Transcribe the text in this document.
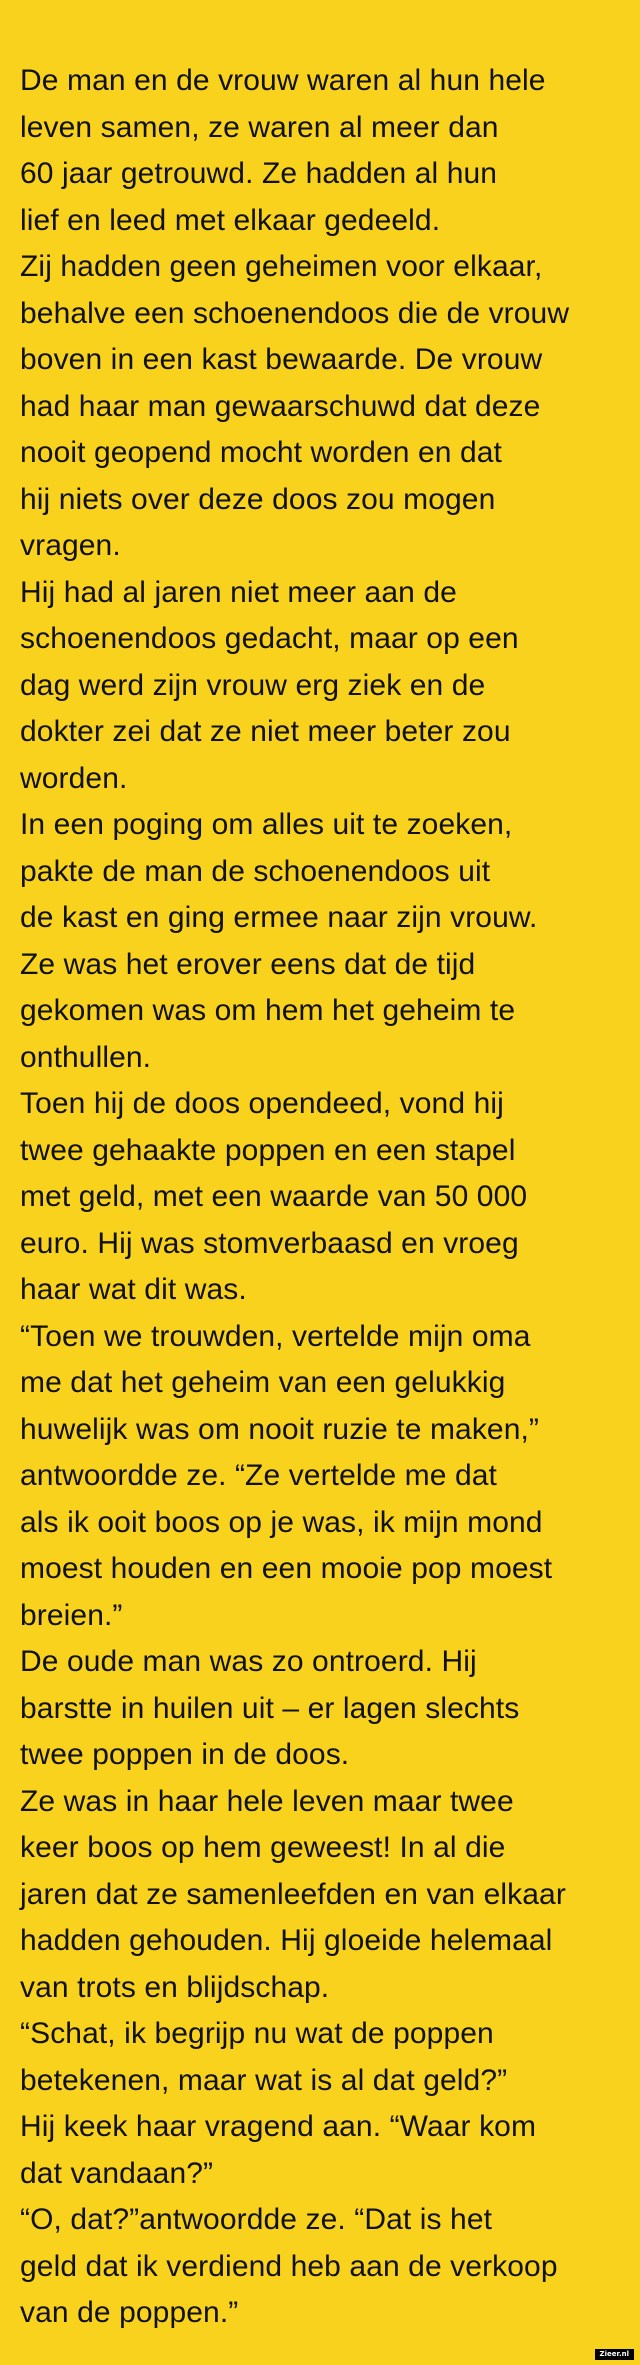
De man en de vrouw waren al hun hele
leven samen, ze waren al meer dan
60 jaar getrouwd. Ze hadden al hun
lief en leed met elkaar gedeeld.

Zij hadden geen geheimen voor elkaar,
behalve een schoenendoos die de vrouw
boven in een kast bewaarde. De vrouw
had haar man gewaarschuwd dat deze
nooit geopend mocht worden en dat
hij niets over deze doos zou mogen
vragen.

Hij had al jaren niet meer aan de
schoenendoos gedacht, maar op een
dag werd zijn vrouw erg ziek en de
dokter zei dat ze niet meer beter zou
worden.

In een poging om alles uit te zoeken,
pakte de man de schoenendoos uit
de kast en ging ermee naar zijn vrouw.
Ze was het erover eens dat de tijd
gekomen was om hem het geheim te
onthullen.

Toen hij de doos opendeed, vond hij
twee gehaakte poppen en een stapel
met geld, met een waarde van 50 000
euro. Hij was stomverbaasd en vroeg
haar wat dit was.

“Toen we trouwden, vertelde mijn oma
me dat het geheim van een gelukkig
huwelijk was om nooit ruzie te maken,”
antwoordde ze. “Ze vertelde me dat
als ik ooit boos op je was, ik mijn mond
moest houden en een mooie pop moest
breien.”

De oude man was zo ontroerd. Hij
barstte in huilen uit – er lagen slechts
twee poppen in de doos.

Ze was in haar hele leven maar twee
keer boos op hem geweest! In al die
jaren dat ze samenleefden en van elkaar
hadden gehouden. Hij gloeide helemaal
van trots en blijdschap.

“Schat, ik begrijp nu wat de poppen
betekenen, maar wat is al dat geld?”

Hij keek haar vragend aan. “Waar kom
dat vandaan?”

“O, dat?”antwoordde ze. “Dat is het
geld dat ik verdiend heb aan de verkoop
van de poppen.”

Zieer.nl
